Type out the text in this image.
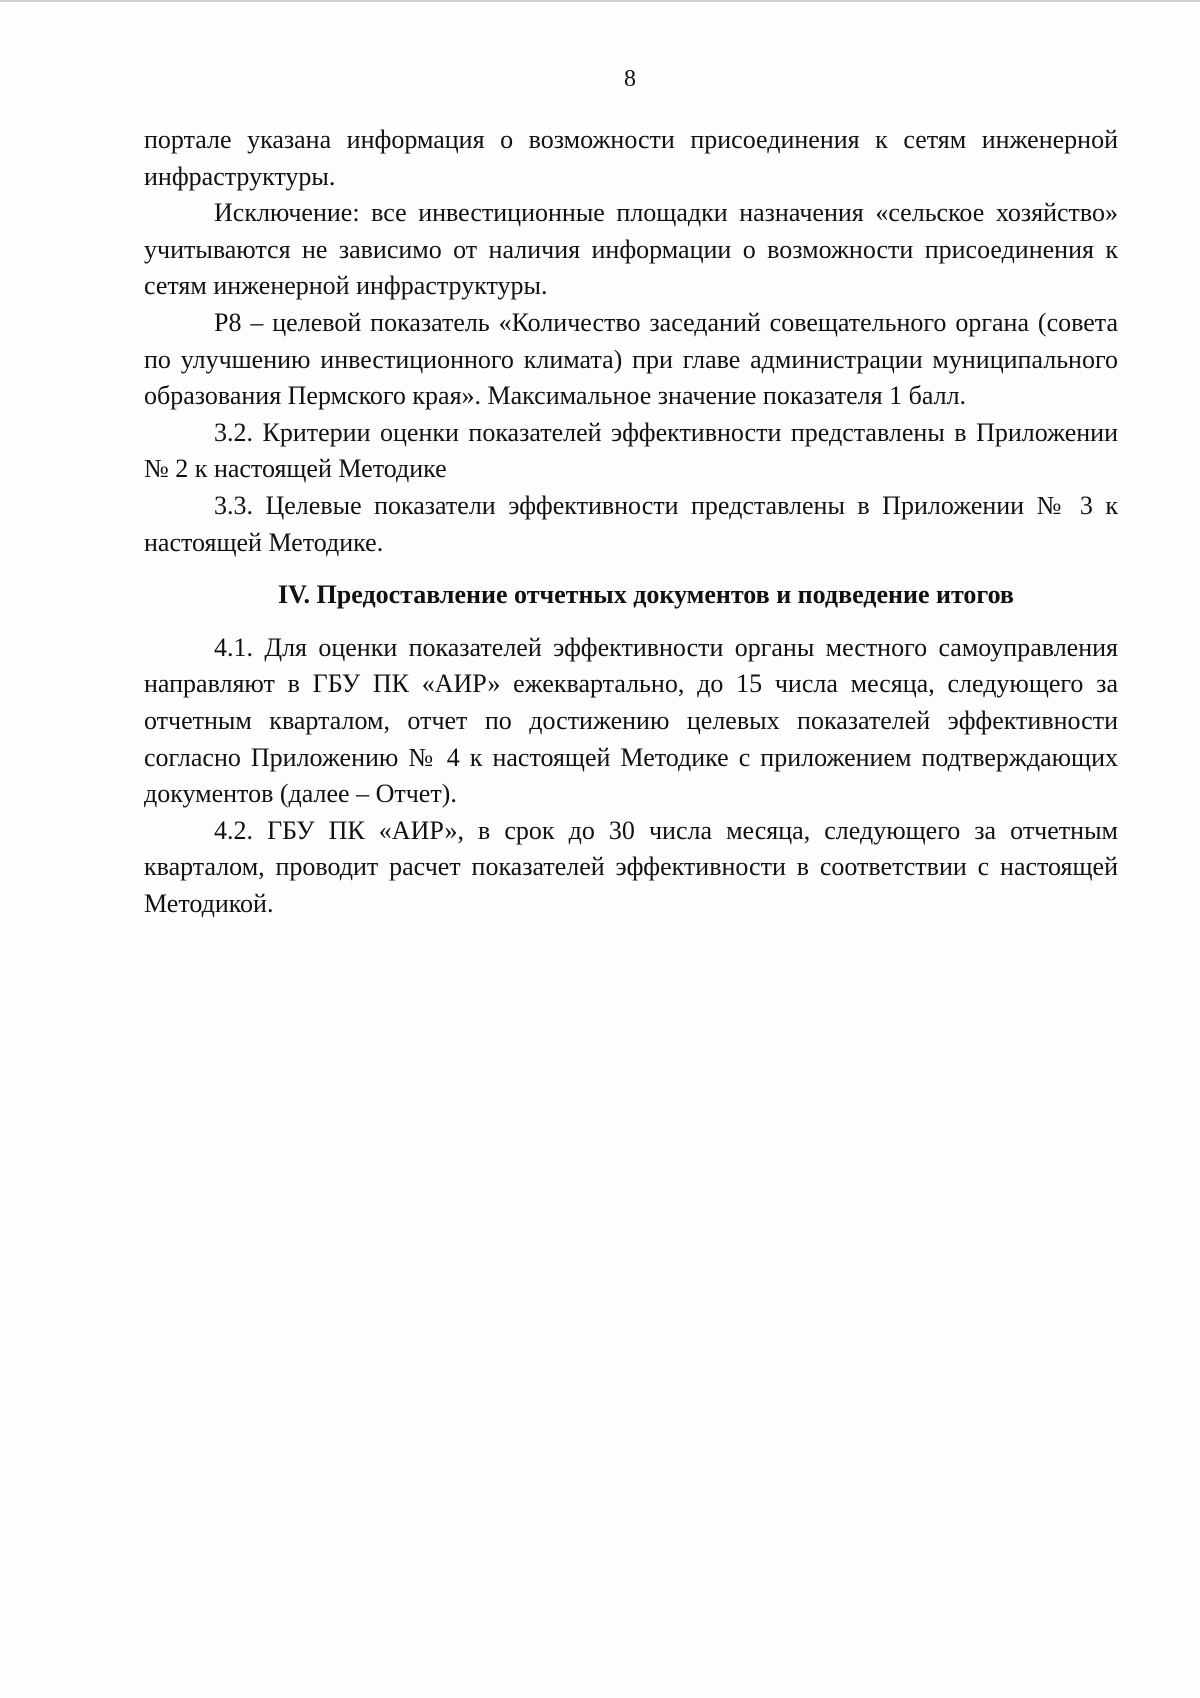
8

портале указана информация о возможности присоединения к сетям инженерной инфраструктуры.

Исключение: все инвестиционные площадки назначения «сельское хозяйство» учитываются не зависимо от наличия информации о возможности присоединения к сетям инженерной инфраструктуры.

Р8 – целевой показатель «Количество заседаний совещательного органа (совета по улучшению инвестиционного климата) при главе администрации муниципального образования Пермского края». Максимальное значение показателя 1 балл.

3.2. Критерии оценки показателей эффективности представлены в Приложении № 2 к настоящей Методике

3.3. Целевые показатели эффективности представлены в Приложении № 3 к настоящей Методике.

IV. Предоставление отчетных документов и подведение итогов

4.1. Для оценки показателей эффективности органы местного самоуправления направляют в ГБУ ПК «АИР» ежеквартально, до 15 числа месяца, следующего за отчетным кварталом, отчет по достижению целевых показателей эффективности согласно Приложению № 4 к настоящей Методике с приложением подтверждающих документов (далее – Отчет).

4.2. ГБУ ПК «АИР», в срок до 30 числа месяца, следующего за отчетным кварталом, проводит расчет показателей эффективности в соответствии с настоящей Методикой.
